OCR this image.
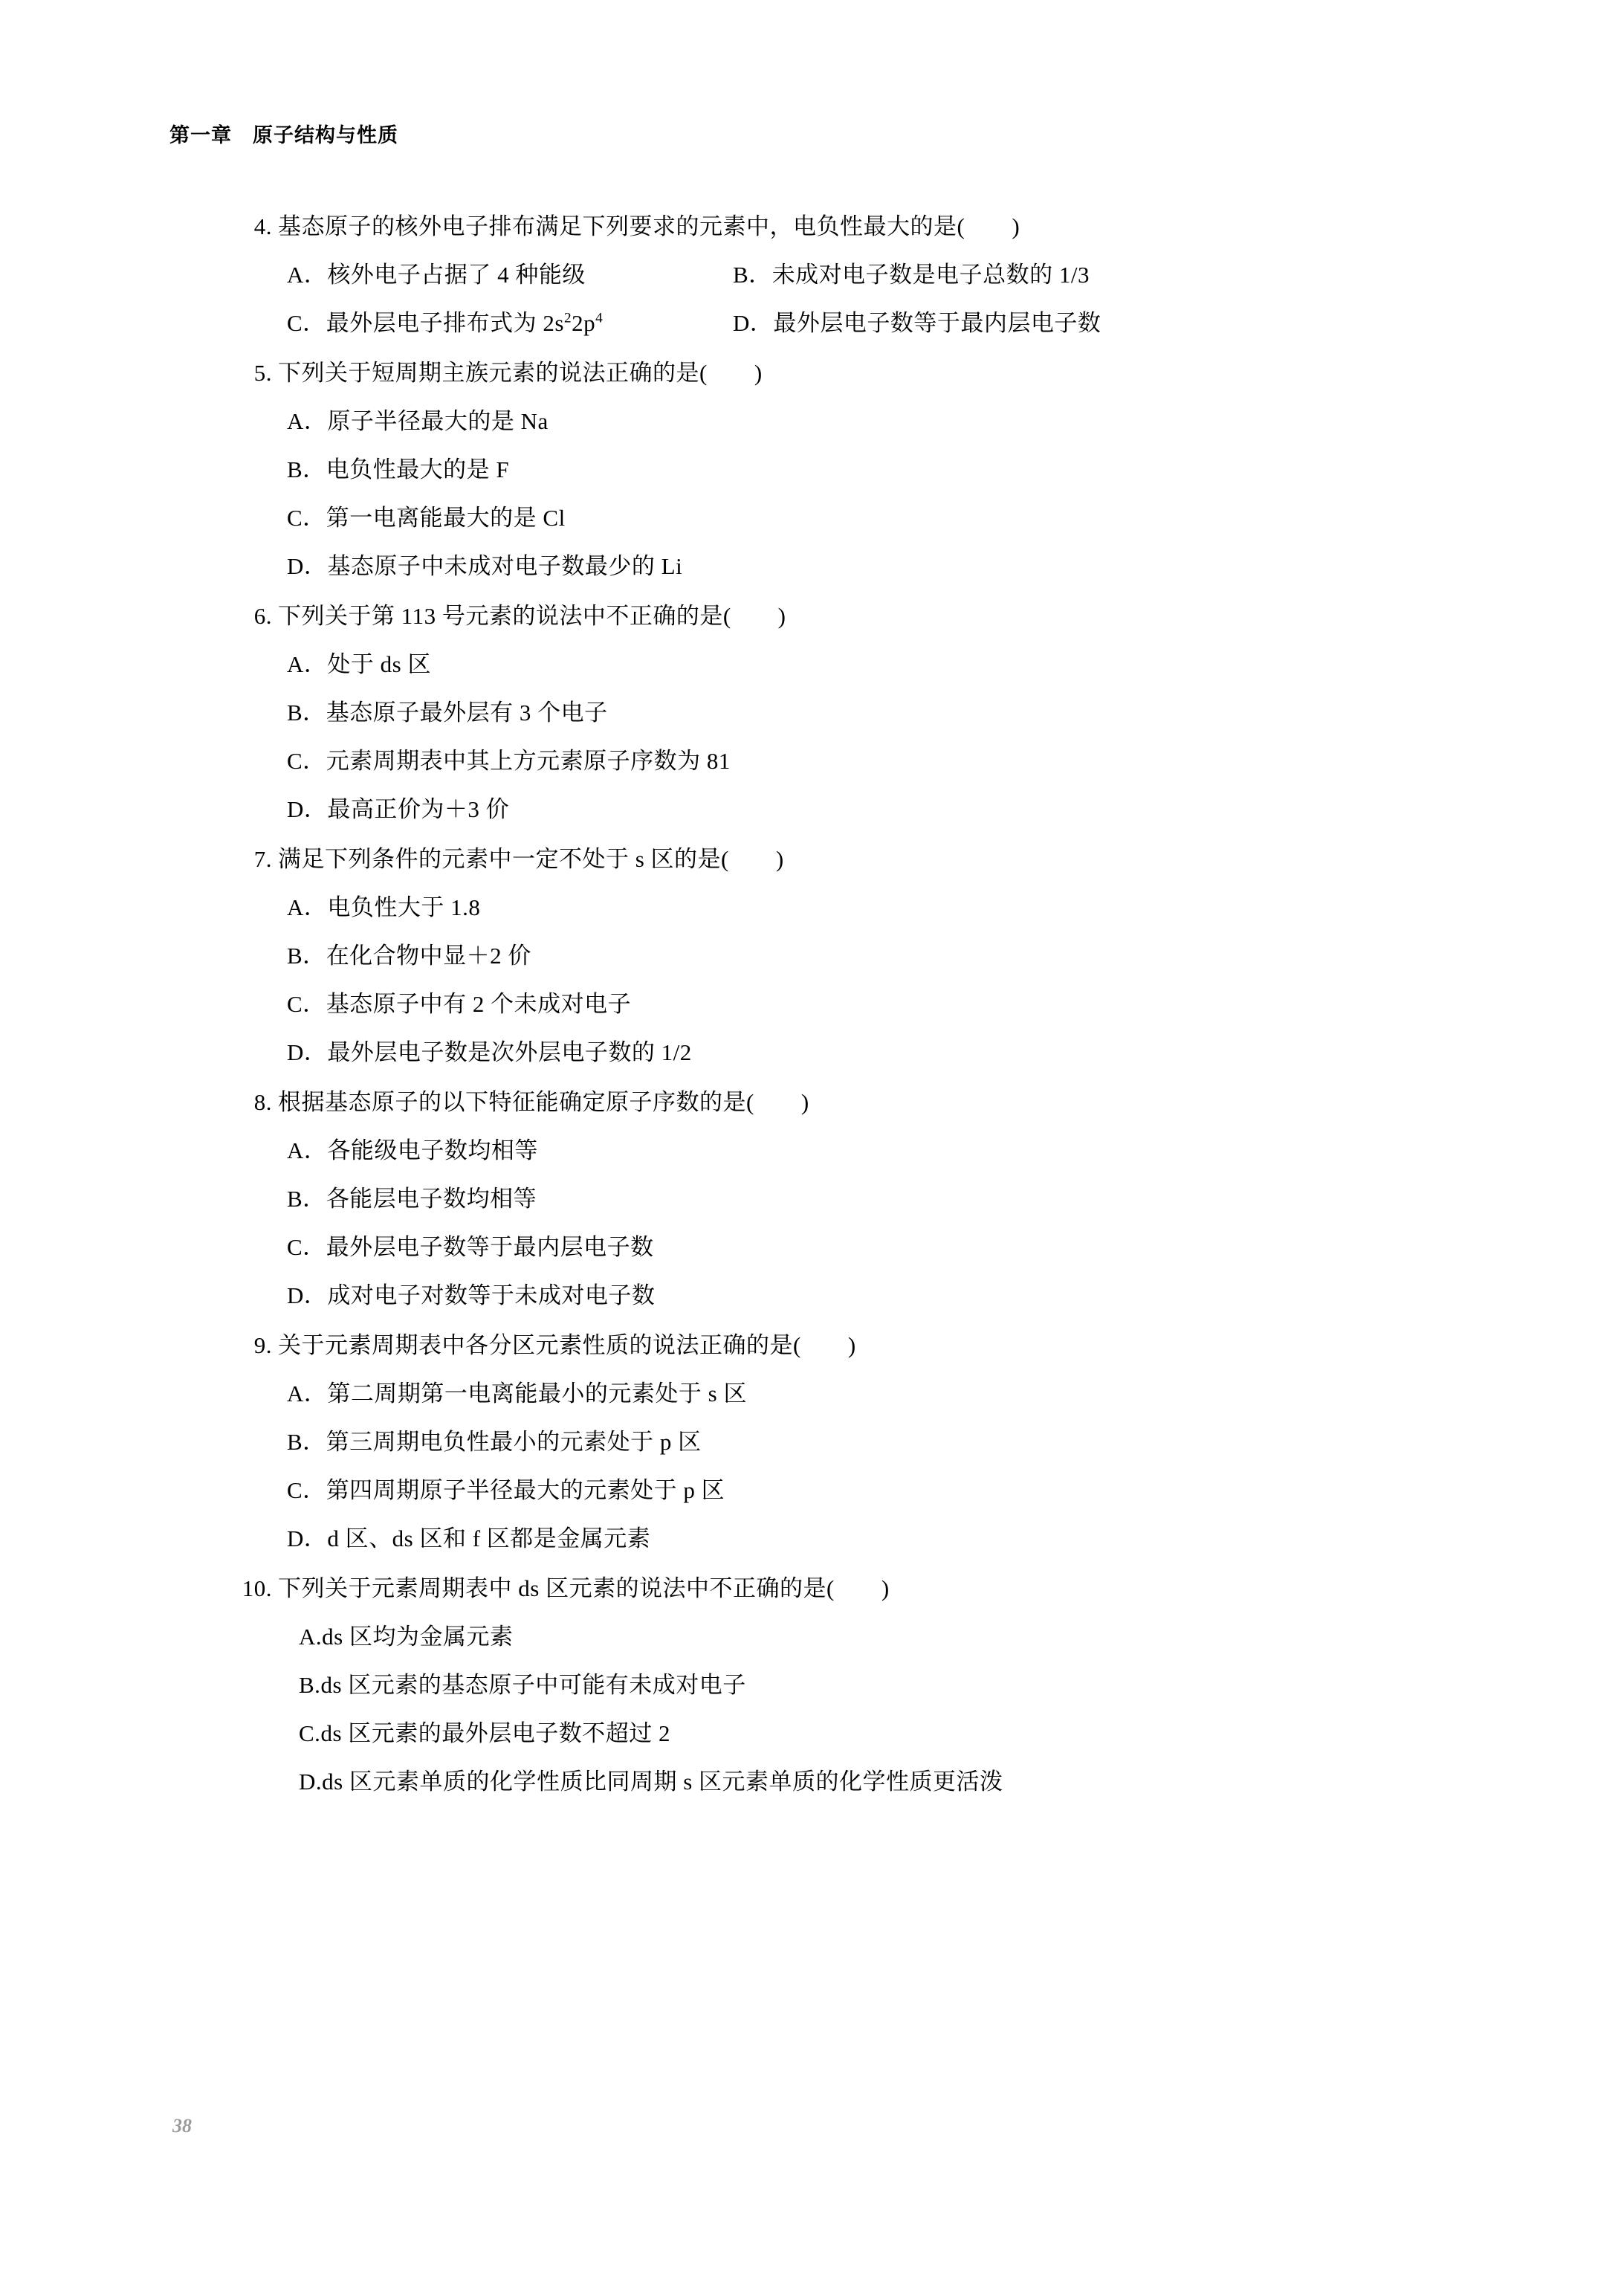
第一章　原子结构与性质
4. 基态原子的核外电子排布满足下列要求的元素中，电负性最大的是(　　)
A．核外电子占据了 4 种能级	B．未成对电子数是电子总数的 1/3
C．最外层电子排布式为 $2s^22p^4$	D．最外层电子数等于最内层电子数
5. 下列关于短周期主族元素的说法正确的是(　　)
A．原子半径最大的是 Na
B．电负性最大的是 F
C．第一电离能最大的是 Cl
D．基态原子中未成对电子数最少的 Li
6. 下列关于第 113 号元素的说法中不正确的是(　　)
A．处于 ds 区
B．基态原子最外层有 3 个电子
C．元素周期表中其上方元素原子序数为 81
D．最高正价为＋3 价
7. 满足下列条件的元素中一定不处于 s 区的是(　　)
A．电负性大于 1.8
B．在化合物中显＋2 价
C．基态原子中有 2 个未成对电子
D．最外层电子数是次外层电子数的 1/2
8. 根据基态原子的以下特征能确定原子序数的是(　　)
A．各能级电子数均相等
B．各能层电子数均相等
C．最外层电子数等于最内层电子数
D．成对电子对数等于未成对电子数
9. 关于元素周期表中各分区元素性质的说法正确的是(　　)
A．第二周期第一电离能最小的元素处于 s 区
B．第三周期电负性最小的元素处于 p 区
C．第四周期原子半径最大的元素处于 p 区
D．d 区、ds 区和 f 区都是金属元素
10. 下列关于元素周期表中 ds 区元素的说法中不正确的是(　　)
A.ds 区均为金属元素
B.ds 区元素的基态原子中可能有未成对电子
C.ds 区元素的最外层电子数不超过 2
D.ds 区元素单质的化学性质比同周期 s 区元素单质的化学性质更活泼
38
